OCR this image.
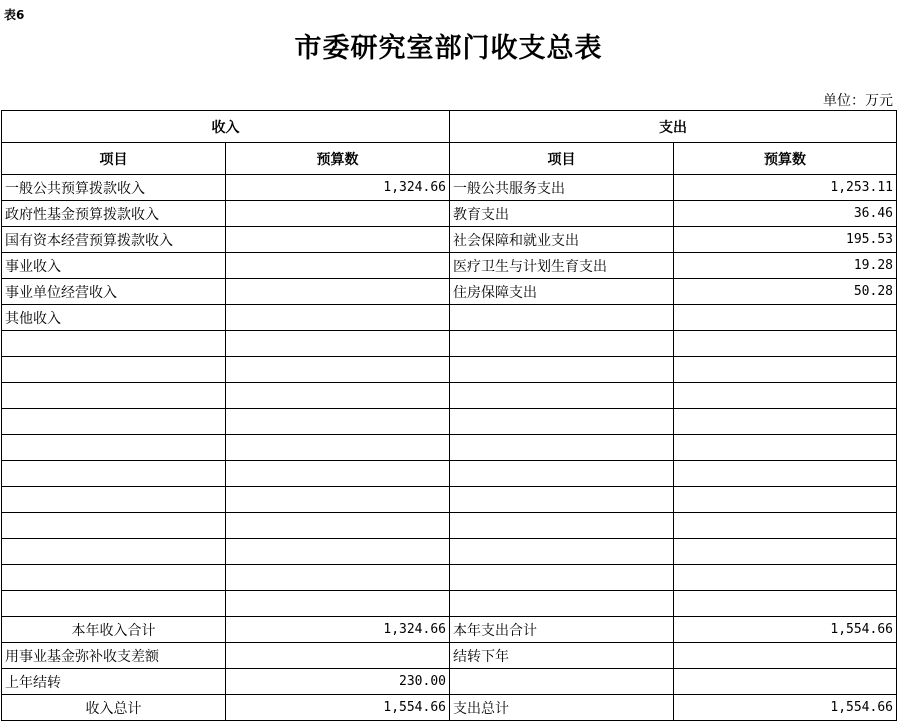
表6
市委研究室部门收支总表
单位：万元
收入		支出	
项目	预算数	项目	预算数
一般公共预算拨款收入	1,324.66	一般公共服务支出	1,253.11
政府性基金预算拨款收入		教育支出	36.46
国有资本经营预算拨款收入		社会保障和就业支出	195.53
事业收入		医疗卫生与计划生育支出	19.28
事业单位经营收入		住房保障支出	50.28
其他收入			

本年收入合计	1,324.66	本年支出合计	1,554.66
用事业基金弥补收支差额		结转下年	
上年结转	230.00		
收入总计	1,554.66	支出总计	1,554.66
